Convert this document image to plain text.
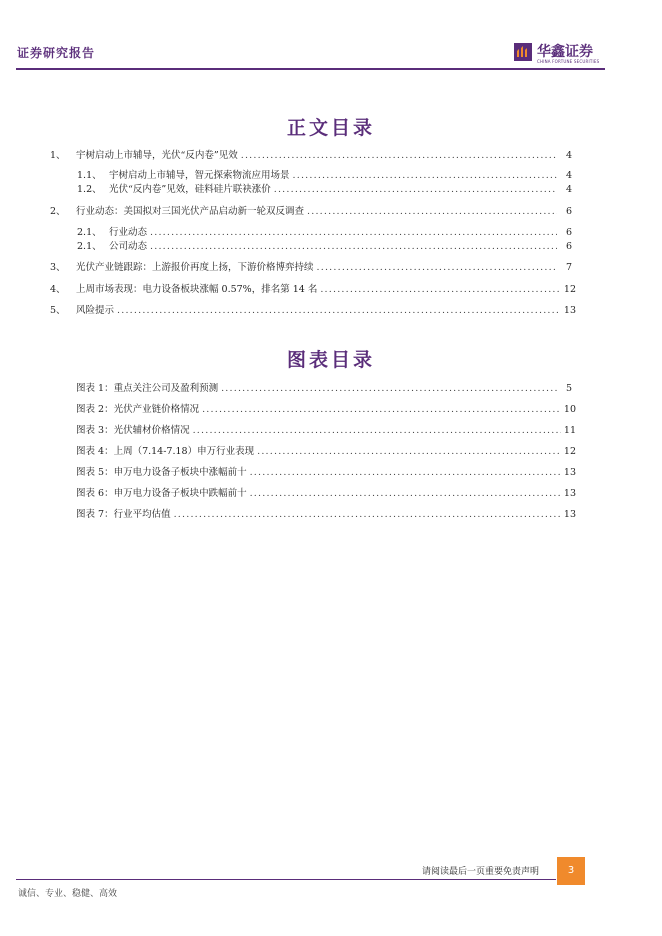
证券研究报告	华鑫证券
CHINA FORTUNE SECURITIES
正文目录
1、	宇树启动上市辅导，光伏“反内卷”见效 .....	4
1.1、 宇树启动上市辅导，智元探索物流应用场景 .....	4
1.2、 光伏“反内卷”见效，硅料硅片联袂涨价 .....	4
2、	行业动态：美国拟对三国光伏产品启动新一轮双反调查 .....	6
2.1、 行业动态 .....	6
2.1、 公司动态 .....	6
3、	光伏产业链跟踪：上游报价再度上扬，下游价格博弈持续 .....	7
4、	上周市场表现：电力设备板块涨幅 0.57%，排名第 14 名 .....	12
5、	风险提示 .....	13
图表目录
图表 1：重点关注公司及盈利预测 .....	5
图表 2：光伏产业链价格情况 .....	10
图表 3：光伏辅材价格情况 .....	11
图表 4：上周（7.14-7.18）申万行业表现 .....	12
图表 5：申万电力设备子板块中涨幅前十 .....	13
图表 6：申万电力设备子板块中跌幅前十 .....	13
图表 7：行业平均估值 .....	13
请阅读最后一页重要免责声明	3
诚信、专业、稳健、高效
